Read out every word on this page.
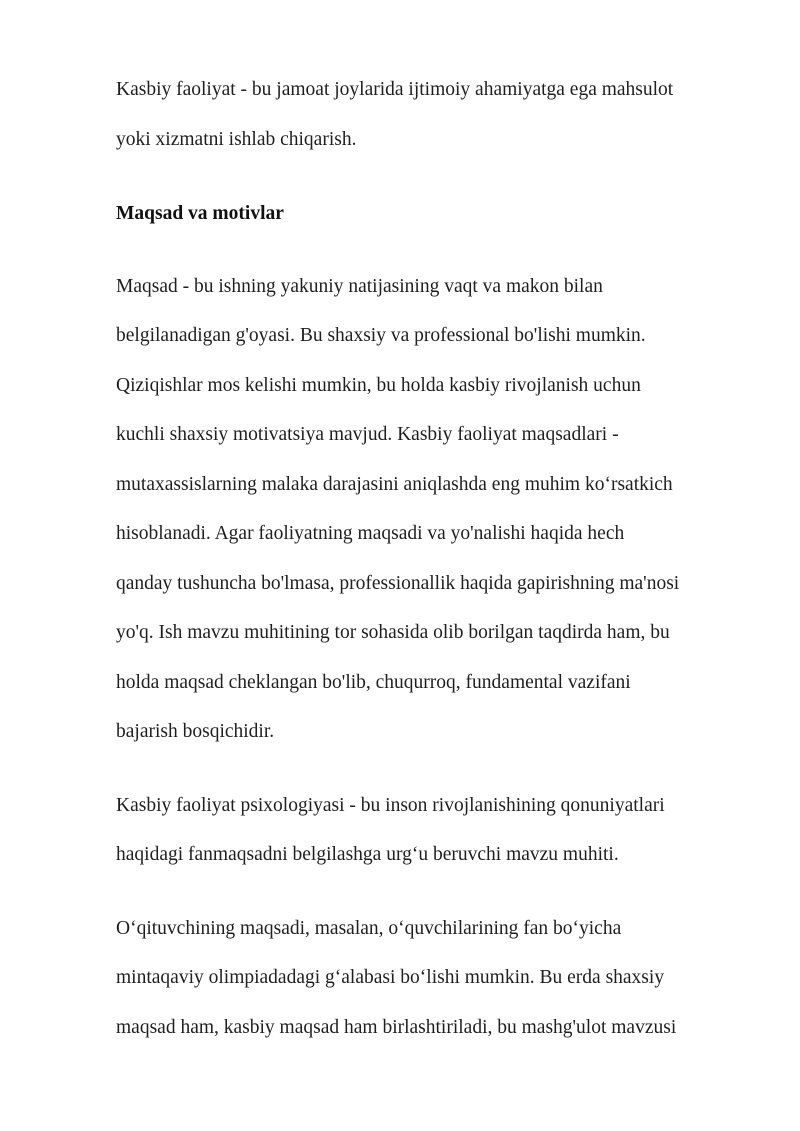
Kasbiy faoliyat - bu jamoat joylarida ijtimoiy ahamiyatga ega mahsulot
yoki xizmatni ishlab chiqarish.
Maqsad va motivlar
Maqsad - bu ishning yakuniy natijasining vaqt va makon bilan
belgilanadigan g'oyasi. Bu shaxsiy va professional bo'lishi mumkin.
Qiziqishlar mos kelishi mumkin, bu holda kasbiy rivojlanish uchun
kuchli shaxsiy motivatsiya mavjud. Kasbiy faoliyat maqsadlari -
mutaxassislarning malaka darajasini aniqlashda eng muhim ko‘rsatkich
hisoblanadi. Agar faoliyatning maqsadi va yo'nalishi haqida hech
qanday tushuncha bo'lmasa, professionallik haqida gapirishning ma'nosi
yo'q. Ish mavzu muhitining tor sohasida olib borilgan taqdirda ham, bu
holda maqsad cheklangan bo'lib, chuqurroq, fundamental vazifani
bajarish bosqichidir.
Kasbiy faoliyat psixologiyasi - bu inson rivojlanishining qonuniyatlari
haqidagi fanmaqsadni belgilashga urg‘u beruvchi mavzu muhiti.
O‘qituvchining maqsadi, masalan, o‘quvchilarining fan bo‘yicha
mintaqaviy olimpiadadagi g‘alabasi bo‘lishi mumkin. Bu erda shaxsiy
maqsad ham, kasbiy maqsad ham birlashtiriladi, bu mashg'ulot mavzusi
